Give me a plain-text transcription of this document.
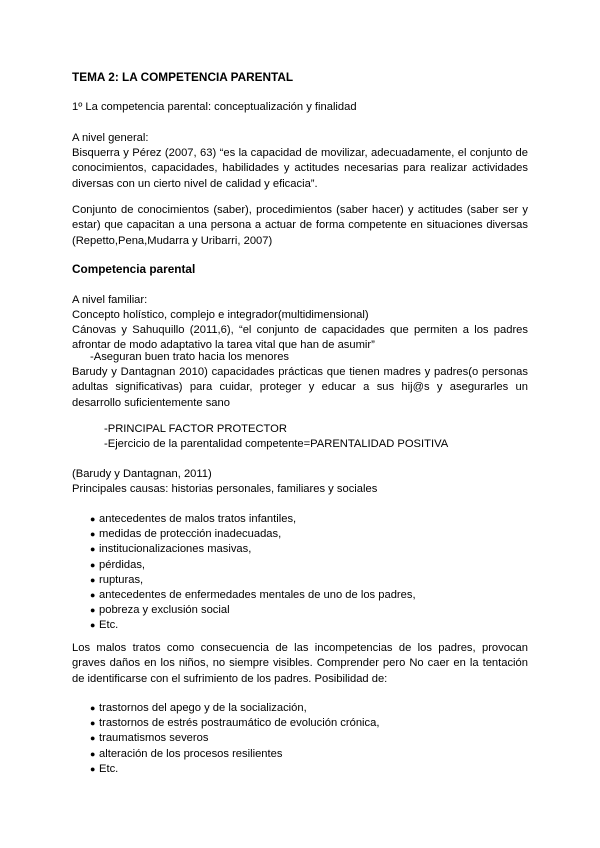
TEMA 2: LA COMPETENCIA PARENTAL
1º La competencia parental: conceptualización y finalidad
A nivel general:
Bisquerra y Pérez (2007, 63) “es la capacidad de movilizar, adecuadamente, el conjunto de conocimientos, capacidades, habilidades y actitudes necesarias para realizar actividades diversas con un cierto nivel de calidad y eficacia”.
Conjunto de conocimientos (saber), procedimientos (saber hacer) y actitudes (saber ser y estar) que capacitan a una persona a actuar de forma competente en situaciones diversas (Repetto,Pena,Mudarra y Uribarri, 2007)
Competencia parental
A nivel familiar:
Concepto holístico, complejo e integrador(multidimensional)
Cánovas y Sahuquillo (2011,6), “el conjunto de capacidades que permiten a los padres afrontar de modo adaptativo la tarea vital que han de asumir”
-Aseguran buen trato hacia los menores
Barudy y Dantagnan 2010) capacidades prácticas que tienen madres y padres(o personas adultas significativas) para cuidar, proteger y educar a sus hij@s y asegurarles un desarrollo suficientemente sano
-PRINCIPAL FACTOR PROTECTOR
-Ejercicio de la parentalidad competente=PARENTALIDAD POSITIVA
(Barudy y Dantagnan, 2011)
Principales causas: historias personales, familiares y sociales
● antecedentes de malos tratos infantiles,
● medidas de protección inadecuadas,
● institucionalizaciones masivas,
● pérdidas,
● rupturas,
● antecedentes de enfermedades mentales de uno de los padres,
● pobreza y exclusión social
● Etc.
Los malos tratos como consecuencia de las incompetencias de los padres, provocan graves daños en los niños, no siempre visibles. Comprender pero No caer en la tentación de identificarse con el sufrimiento de los padres. Posibilidad de:
● trastornos del apego y de la socialización,
● trastornos de estrés postraumático de evolución crónica,
● traumatismos severos
● alteración de los procesos resilientes
● Etc.
